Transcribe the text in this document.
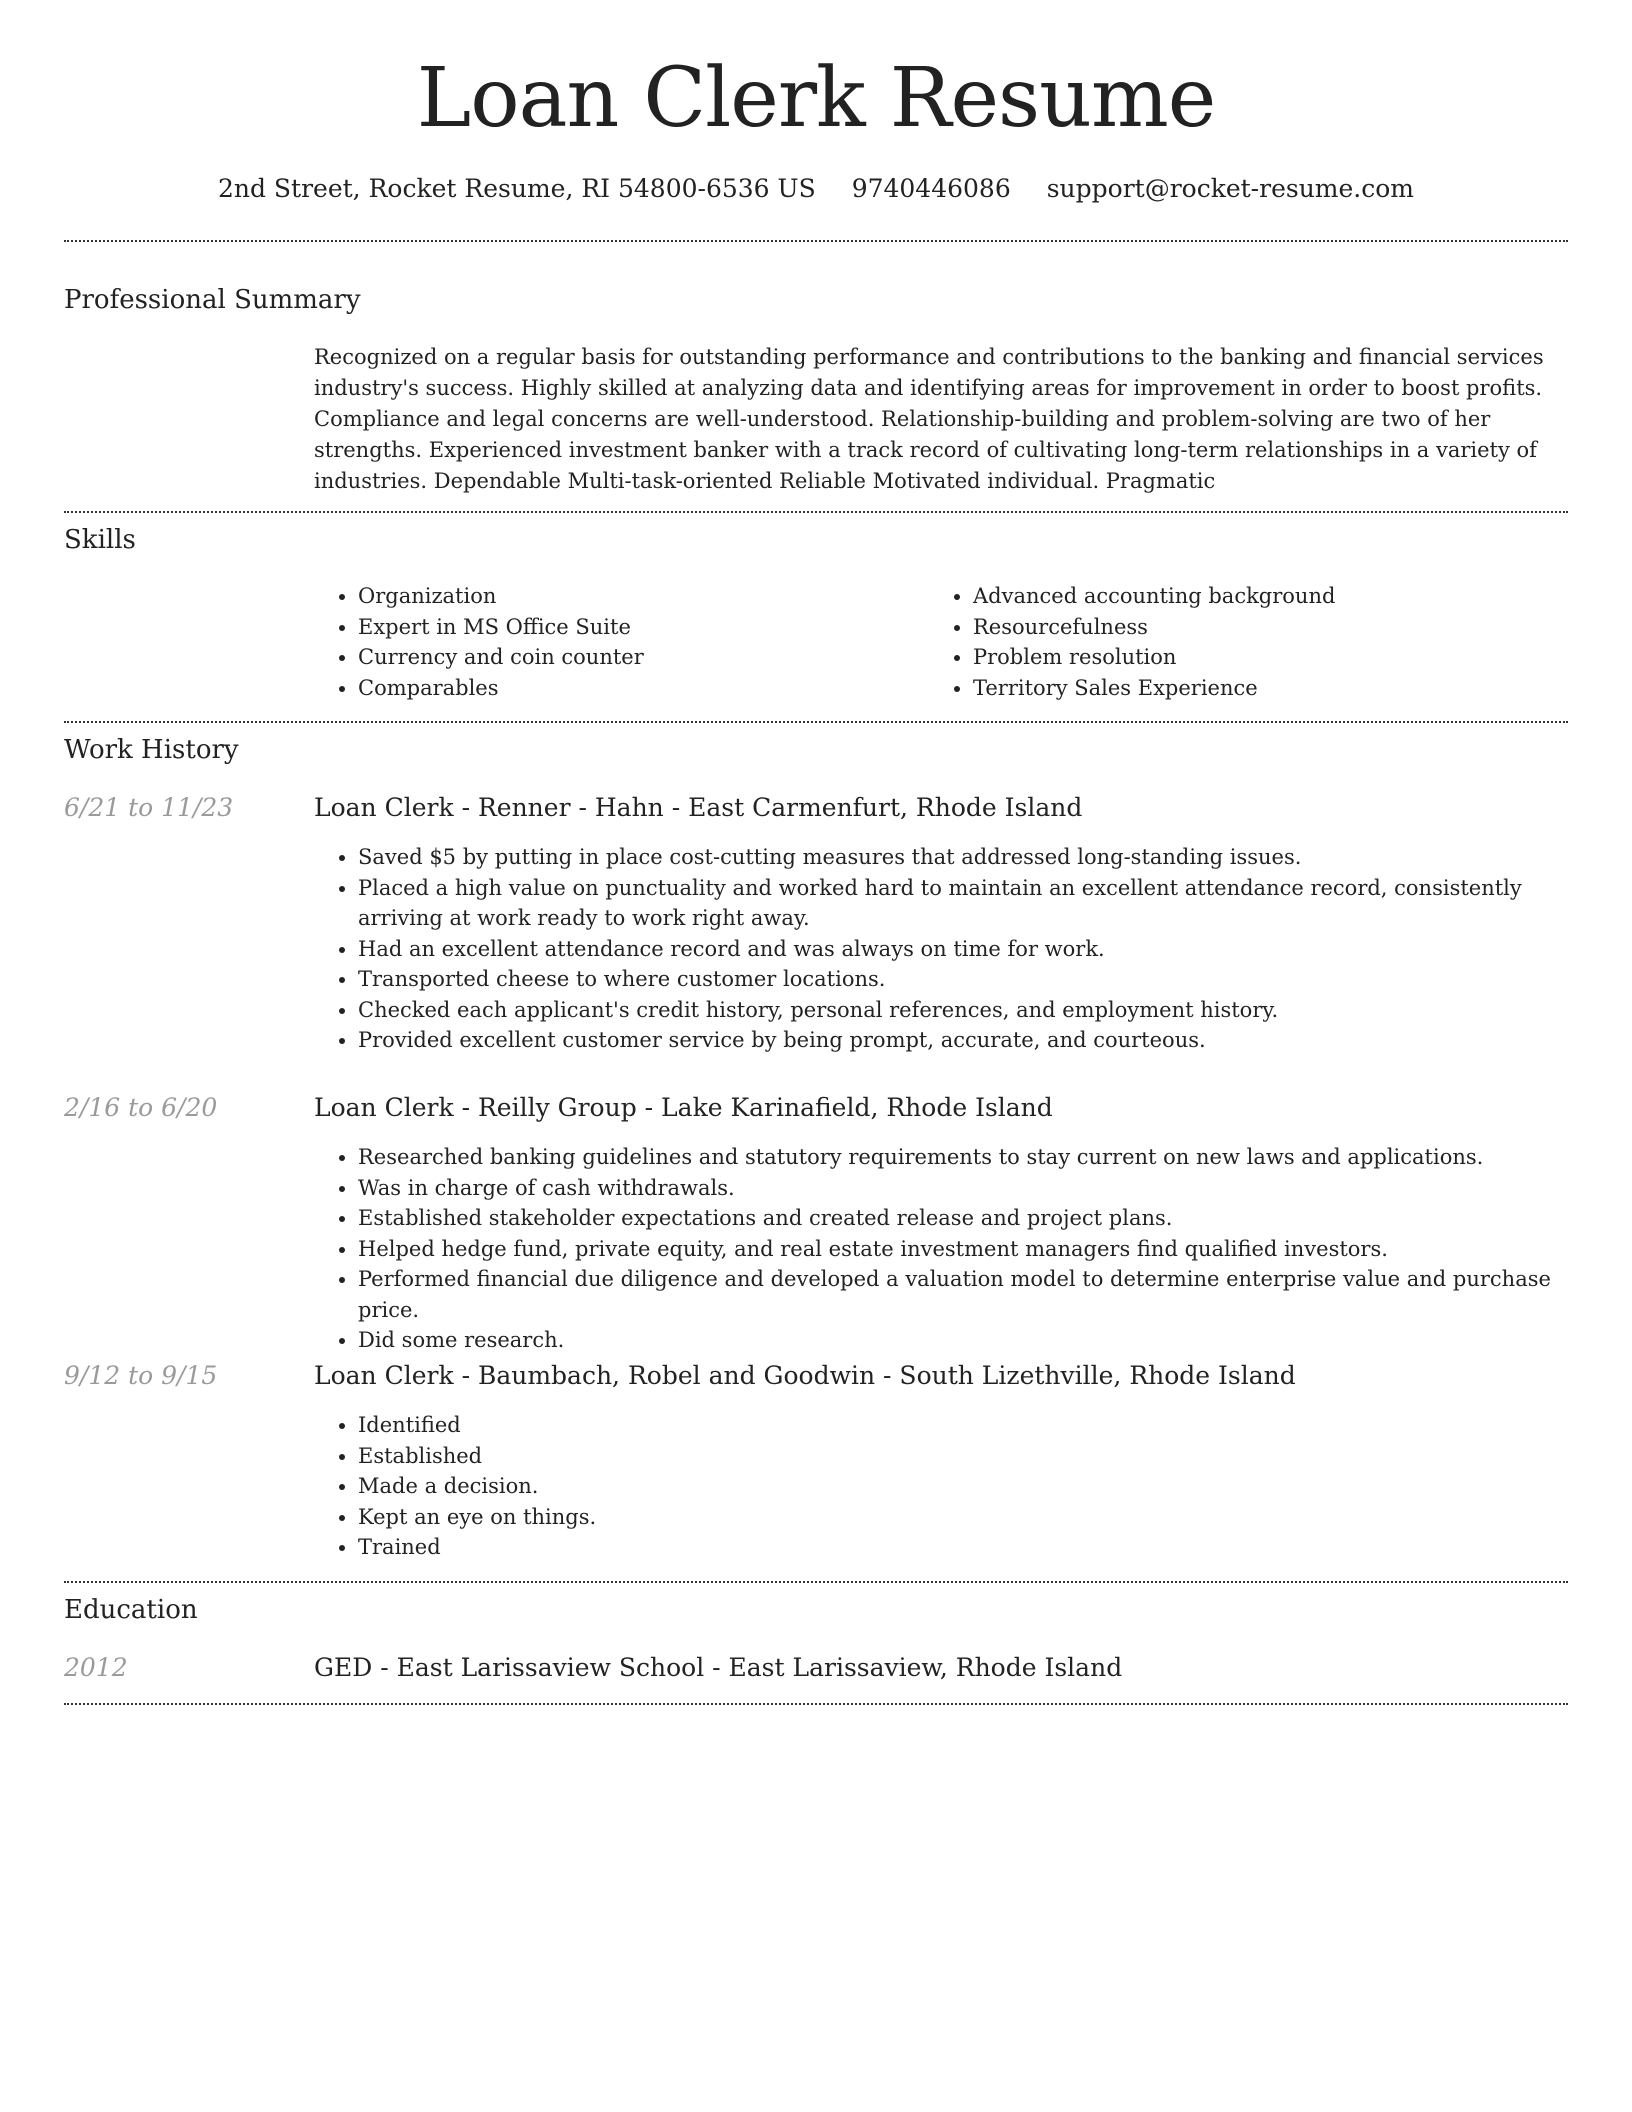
Loan Clerk Resume
2nd Street, Rocket Resume, RI 54800-6536 US 9740446086 support@rocket-resume.com
Professional Summary
Recognized on a regular basis for outstanding performance and contributions to the banking and financial services industry's success. Highly skilled at analyzing data and identifying areas for improvement in order to boost profits. Compliance and legal concerns are well-understood. Relationship-building and problem-solving are two of her strengths. Experienced investment banker with a track record of cultivating long-term relationships in a variety of industries. Dependable Multi-task-oriented Reliable Motivated individual. Pragmatic
Skills
• Organization
• Expert in MS Office Suite
• Currency and coin counter
• Comparables
• Advanced accounting background
• Resourcefulness
• Problem resolution
• Territory Sales Experience
Work History
6/21 to 11/23	Loan Clerk - Renner - Hahn - East Carmenfurt, Rhode Island
• Saved $5 by putting in place cost-cutting measures that addressed long-standing issues.
• Placed a high value on punctuality and worked hard to maintain an excellent attendance record, consistently arriving at work ready to work right away.
• Had an excellent attendance record and was always on time for work.
• Transported cheese to where customer locations.
• Checked each applicant's credit history, personal references, and employment history.
• Provided excellent customer service by being prompt, accurate, and courteous.
2/16 to 6/20	Loan Clerk - Reilly Group - Lake Karinafield, Rhode Island
• Researched banking guidelines and statutory requirements to stay current on new laws and applications.
• Was in charge of cash withdrawals.
• Established stakeholder expectations and created release and project plans.
• Helped hedge fund, private equity, and real estate investment managers find qualified investors.
• Performed financial due diligence and developed a valuation model to determine enterprise value and purchase price.
• Did some research.
9/12 to 9/15	Loan Clerk - Baumbach, Robel and Goodwin - South Lizethville, Rhode Island
• Identified
• Established
• Made a decision.
• Kept an eye on things.
• Trained
Education
2012	GED - East Larissaview School - East Larissaview, Rhode Island
